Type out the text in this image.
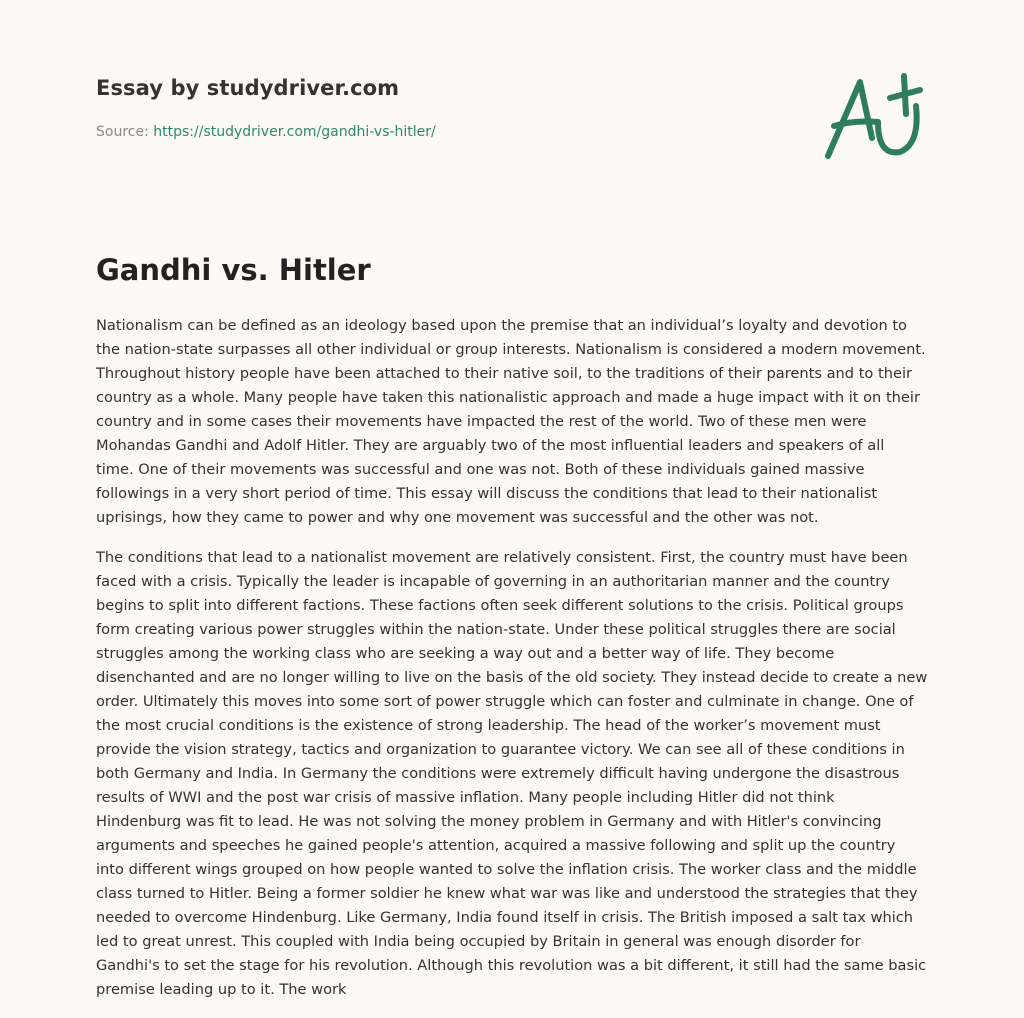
Essay by studydriver.com
Source: https://studydriver.com/gandhi-vs-hitler/
Gandhi vs. Hitler
Nationalism can be defined as an ideology based upon the premise that an individual’s loyalty and devotion to
the nation-state surpasses all other individual or group interests. Nationalism is considered a modern movement.
Throughout history people have been attached to their native soil, to the traditions of their parents and to their
country as a whole. Many people have taken this nationalistic approach and made a huge impact with it on their
country and in some cases their movements have impacted the rest of the world. Two of these men were
Mohandas Gandhi and Adolf Hitler. They are arguably two of the most influential leaders and speakers of all
time. One of their movements was successful and one was not. Both of these individuals gained massive
followings in a very short period of time. This essay will discuss the conditions that lead to their nationalist
uprisings, how they came to power and why one movement was successful and the other was not.
The conditions that lead to a nationalist movement are relatively consistent. First, the country must have been
faced with a crisis. Typically the leader is incapable of governing in an authoritarian manner and the country
begins to split into different factions. These factions often seek different solutions to the crisis. Political groups
form creating various power struggles within the nation-state. Under these political struggles there are social
struggles among the working class who are seeking a way out and a better way of life. They become
disenchanted and are no longer willing to live on the basis of the old society. They instead decide to create a new
order. Ultimately this moves into some sort of power struggle which can foster and culminate in change. One of
the most crucial conditions is the existence of strong leadership. The head of the worker’s movement must
provide the vision strategy, tactics and organization to guarantee victory. We can see all of these conditions in
both Germany and India. In Germany the conditions were extremely difficult having undergone the disastrous
results of WWI and the post war crisis of massive inflation. Many people including Hitler did not think
Hindenburg was fit to lead. He was not solving the money problem in Germany and with Hitler's convincing
arguments and speeches he gained people's attention, acquired a massive following and split up the country
into different wings grouped on how people wanted to solve the inflation crisis. The worker class and the middle
class turned to Hitler. Being a former soldier he knew what war was like and understood the strategies that they
needed to overcome Hindenburg. Like Germany, India found itself in crisis. The British imposed a salt tax which
led to great unrest. This coupled with India being occupied by Britain in general was enough disorder for
Gandhi's to set the stage for his revolution. Although this revolution was a bit different, it still had the same basic
premise leading up to it. The work
